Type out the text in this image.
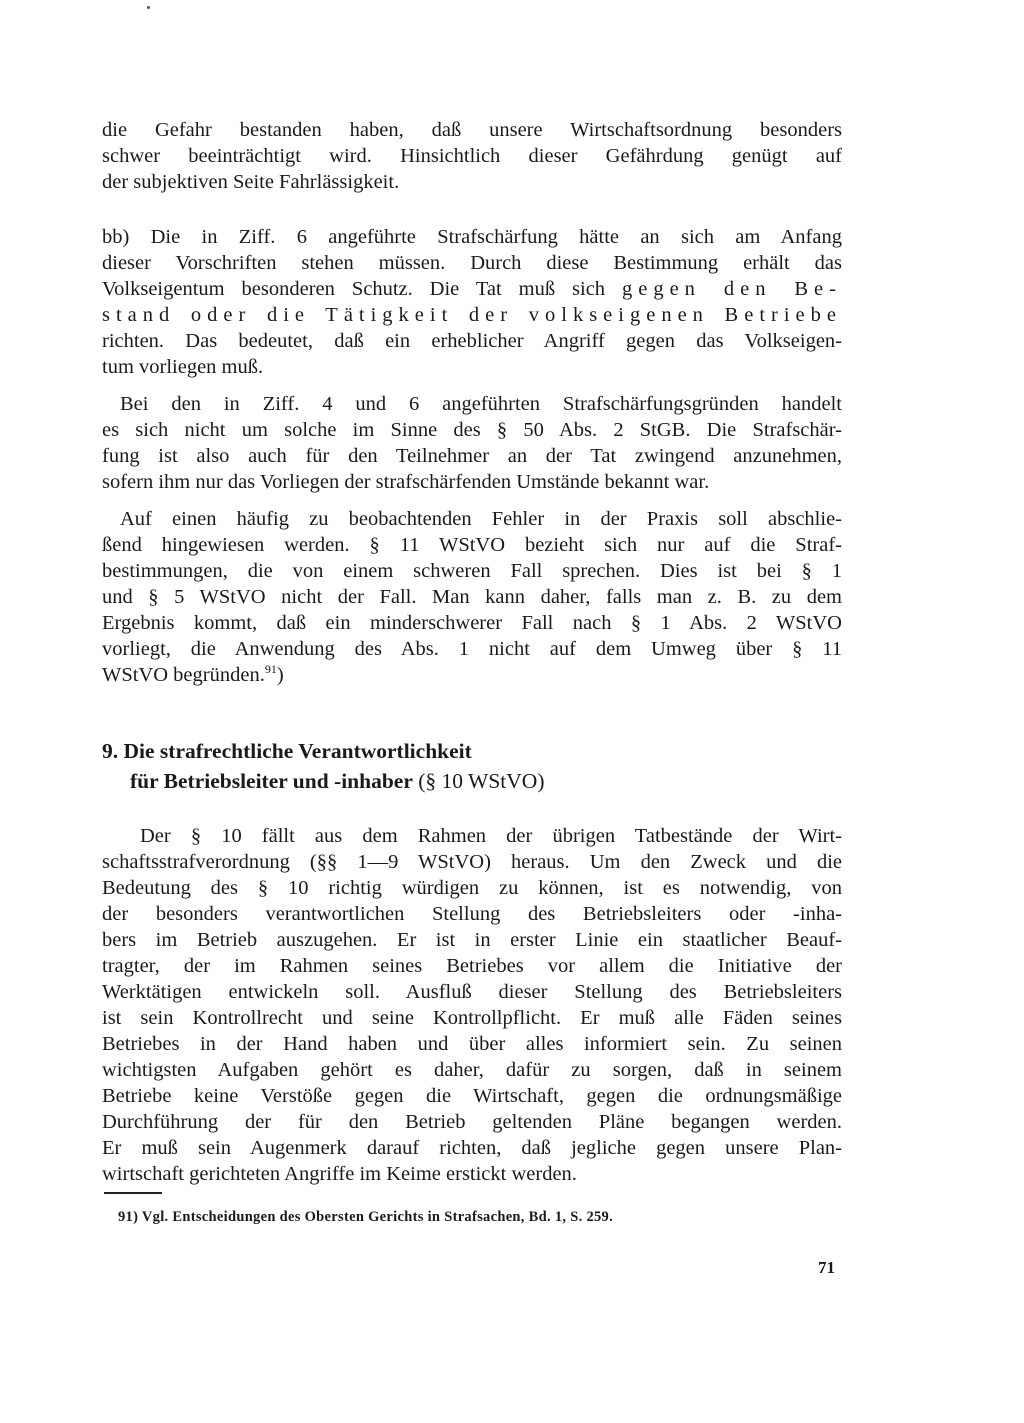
die Gefahr bestanden haben, daß unsere Wirtschaftsordnung besonders
schwer beeinträchtigt wird. Hinsichtlich dieser Gefährdung genügt auf
der subjektiven Seite Fahrlässigkeit.
bb) Die in Ziff. 6 angeführte Strafschärfung hätte an sich am Anfang
dieser Vorschriften stehen müssen. Durch diese Bestimmung erhält das
Volkseigentum besonderen Schutz. Die Tat muß sich gegen den Be-
stand oder die Tätigkeit der volkseigenen Betriebe
richten. Das bedeutet, daß ein erheblicher Angriff gegen das Volkseigen-
tum vorliegen muß.
Bei den in Ziff. 4 und 6 angeführten Strafschärfungsgründen handelt
es sich nicht um solche im Sinne des § 50 Abs. 2 StGB. Die Strafschär-
fung ist also auch für den Teilnehmer an der Tat zwingend anzunehmen,
sofern ihm nur das Vorliegen der strafschärfenden Umstände bekannt war.
Auf einen häufig zu beobachtenden Fehler in der Praxis soll abschlie-
ßend hingewiesen werden. § 11 WStVO bezieht sich nur auf die Straf-
bestimmungen, die von einem schweren Fall sprechen. Dies ist bei § 1
und § 5 WStVO nicht der Fall. Man kann daher, falls man z. B. zu dem
Ergebnis kommt, daß ein minderschwerer Fall nach § 1 Abs. 2 WStVO
vorliegt, die Anwendung des Abs. 1 nicht auf dem Umweg über § 11
WStVO begründen.$^{91}$)
9. Die strafrechtliche Verantwortlichkeit
für Betriebsleiter und -inhaber (§ 10 WStVO)
Der § 10 fällt aus dem Rahmen der übrigen Tatbestände der Wirt-
schaftsstrafverordnung (§§ 1—9 WStVO) heraus. Um den Zweck und die
Bedeutung des § 10 richtig würdigen zu können, ist es notwendig, von
der besonders verantwortlichen Stellung des Betriebsleiters oder -inha-
bers im Betrieb auszugehen. Er ist in erster Linie ein staatlicher Beauf-
tragter, der im Rahmen seines Betriebes vor allem die Initiative der
Werktätigen entwickeln soll. Ausfluß dieser Stellung des Betriebsleiters
ist sein Kontrollrecht und seine Kontrollpflicht. Er muß alle Fäden seines
Betriebes in der Hand haben und über alles informiert sein. Zu seinen
wichtigsten Aufgaben gehört es daher, dafür zu sorgen, daß in seinem
Betriebe keine Verstöße gegen die Wirtschaft, gegen die ordnungsmäßige
Durchführung der für den Betrieb geltenden Pläne begangen werden.
Er muß sein Augenmerk darauf richten, daß jegliche gegen unsere Plan-
wirtschaft gerichteten Angriffe im Keime erstickt werden.
91) Vgl. Entscheidungen des Obersten Gerichts in Strafsachen, Bd. 1, S. 259.
71
